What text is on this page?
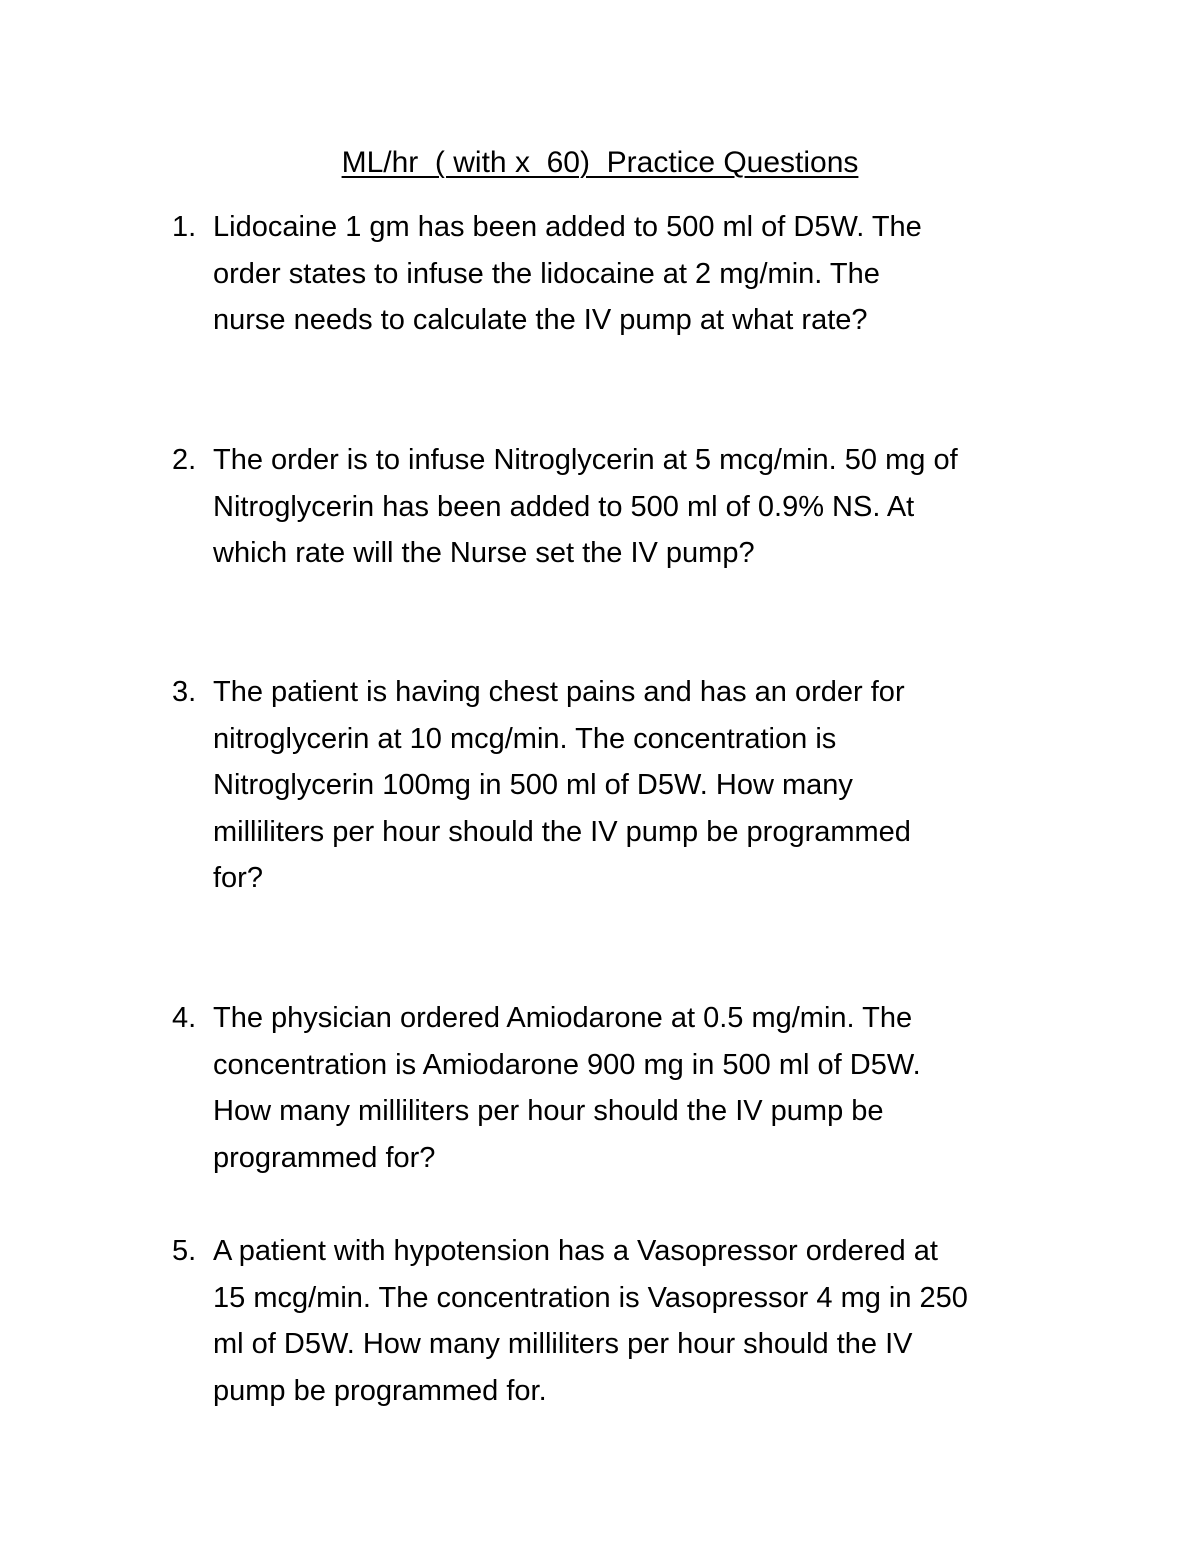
ML/hr  ( with x  60)  Practice Questions
1. Lidocaine 1 gm has been added to 500 ml of D5W. The
order states to infuse the lidocaine at 2 mg/min. The
nurse needs to calculate the IV pump at what rate?
2. The order is to infuse Nitroglycerin at 5 mcg/min. 50 mg of
Nitroglycerin has been added to 500 ml of 0.9% NS. At
which rate will the Nurse set the IV pump?
3. The patient is having chest pains and has an order for
nitroglycerin at 10 mcg/min. The concentration is
Nitroglycerin 100mg in 500 ml of D5W. How many
milliliters per hour should the IV pump be programmed
for?
4. The physician ordered Amiodarone at 0.5 mg/min. The
concentration is Amiodarone 900 mg in 500 ml of D5W.
How many milliliters per hour should the IV pump be
programmed for?
5. A patient with hypotension has a Vasopressor ordered at
15 mcg/min. The concentration is Vasopressor 4 mg in 250
ml of D5W. How many milliliters per hour should the IV
pump be programmed for.
